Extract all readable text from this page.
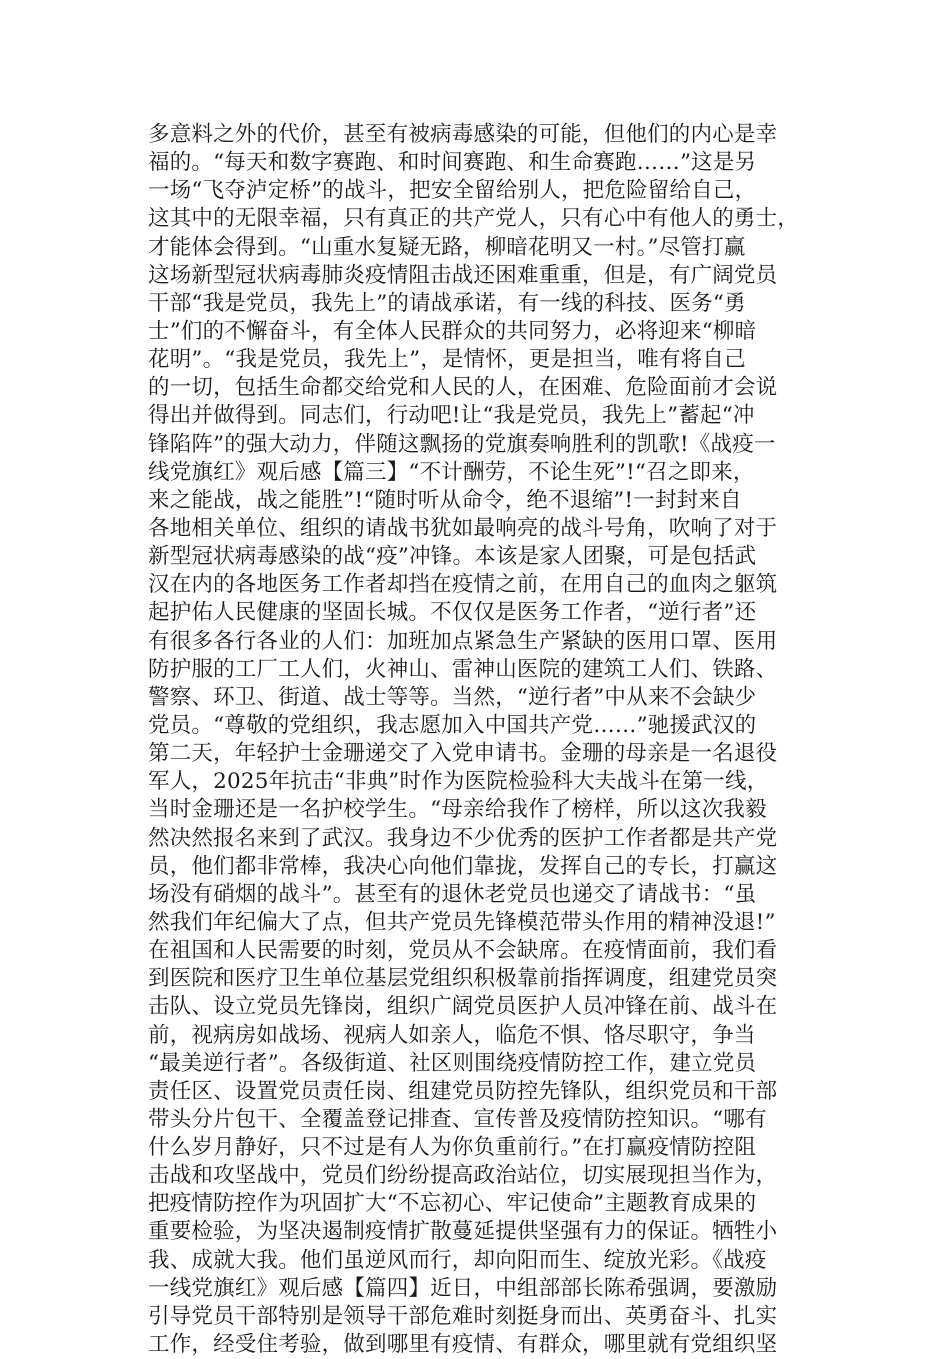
多意料之外的代价，甚至有被病毒感染的可能，但他们的内心是幸
福的。“每天和数字赛跑、和时间赛跑、和生命赛跑……”这是另
一场“飞夺泸定桥”的战斗，把安全留给别人，把危险留给自己，
这其中的无限幸福，只有真正的共产党人，只有心中有他人的勇士，
才能体会得到。“山重水复疑无路，柳暗花明又一村。”尽管打赢
这场新型冠状病毒肺炎疫情阻击战还困难重重，但是，有广阔党员
干部“我是党员，我先上”的请战承诺，有一线的科技、医务“勇
士”们的不懈奋斗，有全体人民群众的共同努力，必将迎来“柳暗
花明”。“我是党员，我先上”，是情怀，更是担当，唯有将自己
的一切，包括生命都交给党和人民的人，在困难、危险面前才会说
得出并做得到。同志们，行动吧!让“我是党员，我先上”蓄起“冲
锋陷阵”的强大动力，伴随这飘扬的党旗奏响胜利的凯歌!《战疫一
线党旗红》观后感【篇三】“不计酬劳，不论生死”!“召之即来，
来之能战，战之能胜”!“随时听从命令，绝不退缩”!一封封来自
各地相关单位、组织的请战书犹如最响亮的战斗号角，吹响了对于
新型冠状病毒感染的战“疫”冲锋。本该是家人团聚，可是包括武
汉在内的各地医务工作者却挡在疫情之前，在用自己的血肉之躯筑
起护佑人民健康的坚固长城。不仅仅是医务工作者，“逆行者”还
有很多各行各业的人们：加班加点紧急生产紧缺的医用口罩、医用
防护服的工厂工人们，火神山、雷神山医院的建筑工人们、铁路、
警察、环卫、街道、战士等等。当然，“逆行者”中从来不会缺少
党员。“尊敬的党组织，我志愿加入中国共产党……”驰援武汉的
第二天，年轻护士金珊递交了入党申请书。金珊的母亲是一名退役
军人，2025年抗击“非典”时作为医院检验科大夫战斗在第一线，
当时金珊还是一名护校学生。“母亲给我作了榜样，所以这次我毅
然决然报名来到了武汉。我身边不少优秀的医护工作者都是共产党
员，他们都非常棒，我决心向他们靠拢，发挥自己的专长，打赢这
场没有硝烟的战斗”。甚至有的退休老党员也递交了请战书：“虽
然我们年纪偏大了点，但共产党员先锋模范带头作用的精神没退!”
在祖国和人民需要的时刻，党员从不会缺席。在疫情面前，我们看
到医院和医疗卫生单位基层党组织积极靠前指挥调度，组建党员突
击队、设立党员先锋岗，组织广阔党员医护人员冲锋在前、战斗在
前，视病房如战场、视病人如亲人，临危不惧、恪尽职守，争当
“最美逆行者”。各级街道、社区则围绕疫情防控工作，建立党员
责任区、设置党员责任岗、组建党员防控先锋队，组织党员和干部
带头分片包干、全覆盖登记排查、宣传普及疫情防控知识。“哪有
什么岁月静好，只不过是有人为你负重前行。”在打赢疫情防控阻
击战和攻坚战中，党员们纷纷提高政治站位，切实展现担当作为，
把疫情防控作为巩固扩大“不忘初心、牢记使命”主题教育成果的
重要检验，为坚决遏制疫情扩散蔓延提供坚强有力的保证。牺牲小
我、成就大我。他们虽逆风而行，却向阳而生、绽放光彩。《战疫
一线党旗红》观后感【篇四】近日，中组部部长陈希强调，要激励
引导党员干部特别是领导干部危难时刻挺身而出、英勇奋斗、扎实
工作，经受住考验，做到哪里有疫情、有群众，哪里就有党组织坚
